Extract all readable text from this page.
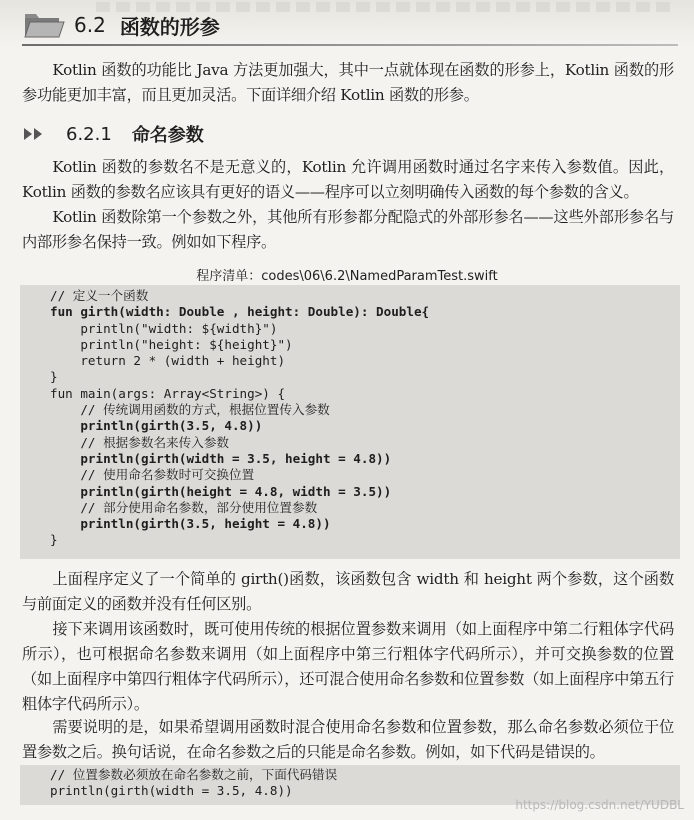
6.2 函数的形参

Kotlin 函数的功能比 Java 方法更加强大，其中一点就体现在函数的形参上，Kotlin 函数的形参功能更加丰富，而且更加灵活。下面详细介绍 Kotlin 函数的形参。

6.2.1 命名参数

Kotlin 函数的参数名不是无意义的，Kotlin 允许调用函数时通过名字来传入参数值。因此，Kotlin 函数的参数名应该具有更好的语义——程序可以立刻明确传入函数的每个参数的含义。

Kotlin 函数除第一个参数之外，其他所有形参都分配隐式的外部形参名——这些外部形参名与内部形参名保持一致。例如如下程序。

程序清单：codes\06\6.2\NamedParamTest.swift
// 定义一个函数
fun girth(width: Double , height: Double): Double{
println("width: ${width}")
println("height: ${height}")
return 2 * (width + height)
}
fun main(args: Array<String>) {
// 传统调用函数的方式，根据位置传入参数
println(girth(3.5, 4.8))
// 根据参数名来传入参数
println(girth(width = 3.5, height = 4.8))
// 使用命名参数时可交换位置
println(girth(height = 4.8, width = 3.5))
// 部分使用命名参数，部分使用位置参数
println(girth(3.5, height = 4.8))
}

上面程序定义了一个简单的 girth()函数，该函数包含 width 和 height 两个参数，这个函数与前面定义的函数并没有任何区别。

接下来调用该函数时，既可使用传统的根据位置参数来调用（如上面程序中第二行粗体字代码所示），也可根据命名参数来调用（如上面程序中第三行粗体字代码所示），并可交换参数的位置（如上面程序中第四行粗体字代码所示），还可混合使用命名参数和位置参数（如上面程序中第五行粗体字代码所示）。

需要说明的是，如果希望调用函数时混合使用命名参数和位置参数，那么命名参数必须位于位置参数之后。换句话说，在命名参数之后的只能是命名参数。例如，如下代码是错误的。

// 位置参数必须放在命名参数之前，下面代码错误
println(girth(width = 3.5, 4.8))
https://blog.csdn.net/YUDBL
